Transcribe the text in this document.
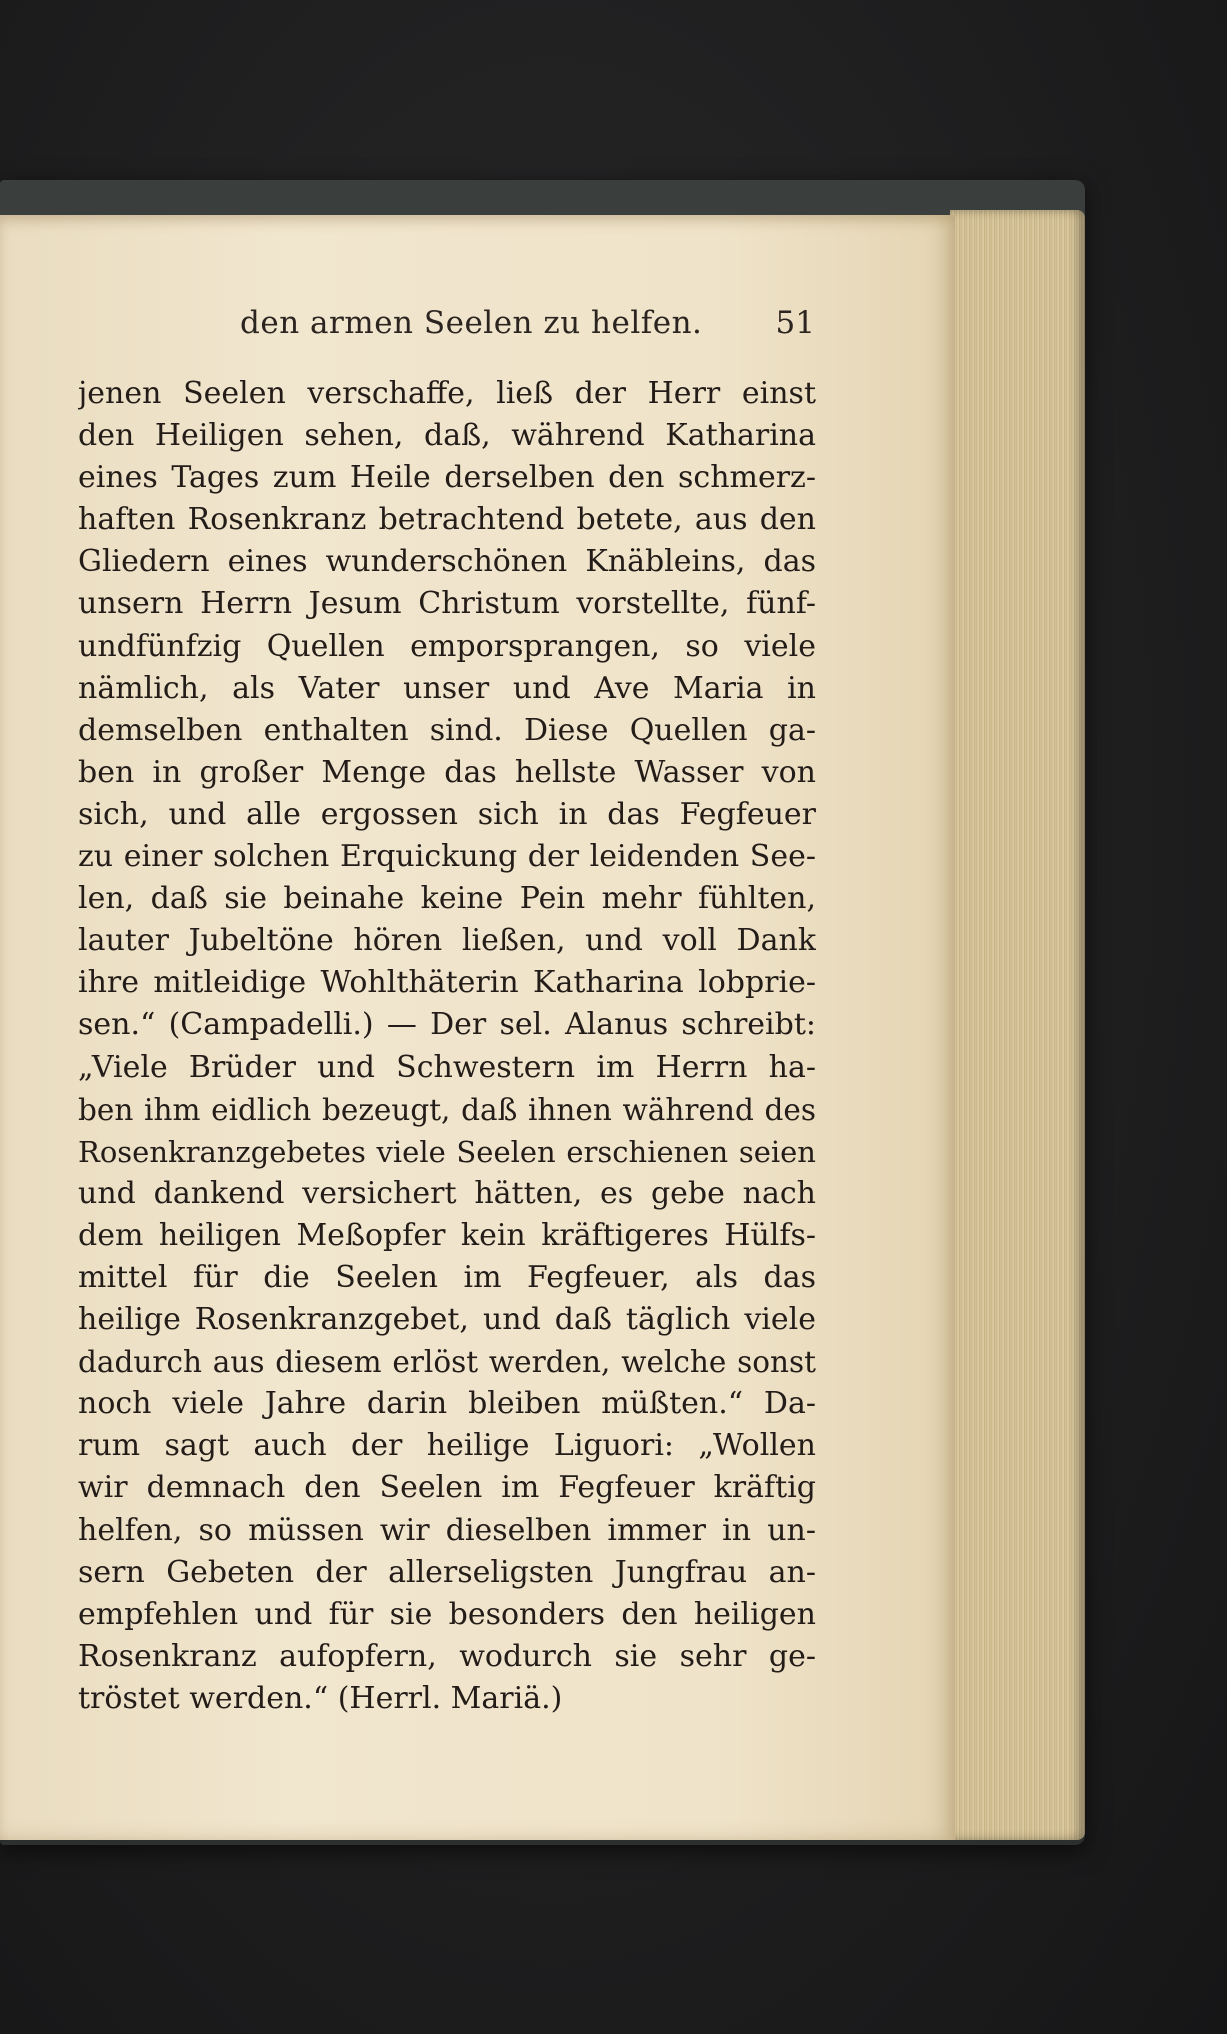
den armen Seelen zu helfen. 51
jenen Seelen verschaffe, ließ der Herr einst
den Heiligen sehen, daß, während Katharina
eines Tages zum Heile derselben den schmerz-
haften Rosenkranz betrachtend betete, aus den
Gliedern eines wunderschönen Knäbleins, das
unsern Herrn Jesum Christum vorstellte, fünf-
undfünfzig Quellen emporsprangen, so viele
nämlich, als Vater unser und Ave Maria in
demselben enthalten sind. Diese Quellen ga-
ben in großer Menge das hellste Wasser von
sich, und alle ergossen sich in das Fegfeuer
zu einer solchen Erquickung der leidenden See-
len, daß sie beinahe keine Pein mehr fühlten,
lauter Jubeltöne hören ließen, und voll Dank
ihre mitleidige Wohlthäterin Katharina lobprie-
sen.“ (Campadelli.) — Der sel. Alanus schreibt:
„Viele Brüder und Schwestern im Herrn ha-
ben ihm eidlich bezeugt, daß ihnen während des
Rosenkranzgebetes viele Seelen erschienen seien
und dankend versichert hätten, es gebe nach
dem heiligen Meßopfer kein kräftigeres Hülfs-
mittel für die Seelen im Fegfeuer, als das
heilige Rosenkranzgebet, und daß täglich viele
dadurch aus diesem erlöst werden, welche sonst
noch viele Jahre darin bleiben müßten.“ Da-
rum sagt auch der heilige Liguori: „Wollen
wir demnach den Seelen im Fegfeuer kräftig
helfen, so müssen wir dieselben immer in un-
sern Gebeten der allerseligsten Jungfrau an-
empfehlen und für sie besonders den heiligen
Rosenkranz aufopfern, wodurch sie sehr ge-
tröstet werden.“ (Herrl. Mariä.)
